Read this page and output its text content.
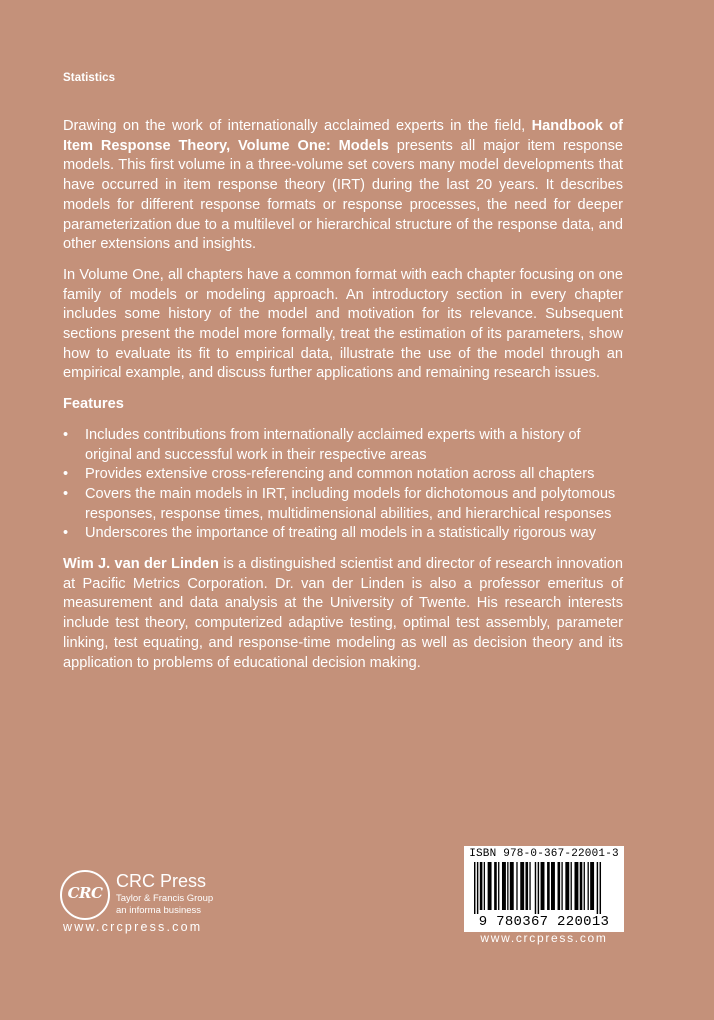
Statistics

Drawing on the work of internationally acclaimed experts in the field, Handbook of Item Response Theory, Volume One: Models presents all major item response models. This first volume in a three-volume set covers many model developments that have occurred in item response theory (IRT) during the last 20 years. It describes models for different response formats or response processes, the need for deeper parameterization due to a multilevel or hierarchical structure of the response data, and other extensions and insights.

In Volume One, all chapters have a common format with each chapter focusing on one family of models or modeling approach. An introductory section in every chapter includes some history of the model and motivation for its relevance. Subsequent sections present the model more formally, treat the estimation of its parameters, show how to evaluate its fit to empirical data, illustrate the use of the model through an empirical example, and discuss further applications and remaining research issues.

Features

• Includes contributions from internationally acclaimed experts with a history of original and successful work in their respective areas
• Provides extensive cross-referencing and common notation across all chapters
• Covers the main models in IRT, including models for dichotomous and polytomous responses, response times, multidimensional abilities, and hierarchical responses
• Underscores the importance of treating all models in a statistically rigorous way

Wim J. van der Linden is a distinguished scientist and director of research innovation at Pacific Metrics Corporation. Dr. van der Linden is also a professor emeritus of measurement and data analysis at the University of Twente. His research interests include test theory, computerized adaptive testing, optimal test assembly, parameter linking, test equating, and response-time modeling as well as decision theory and its application to problems of educational decision making.

CRC
CRC Press
Taylor & Francis Group
an informa business
www.crcpress.com
ISBN 978-0-367-22001-3
9 780367 220013
www.crcpress.com
